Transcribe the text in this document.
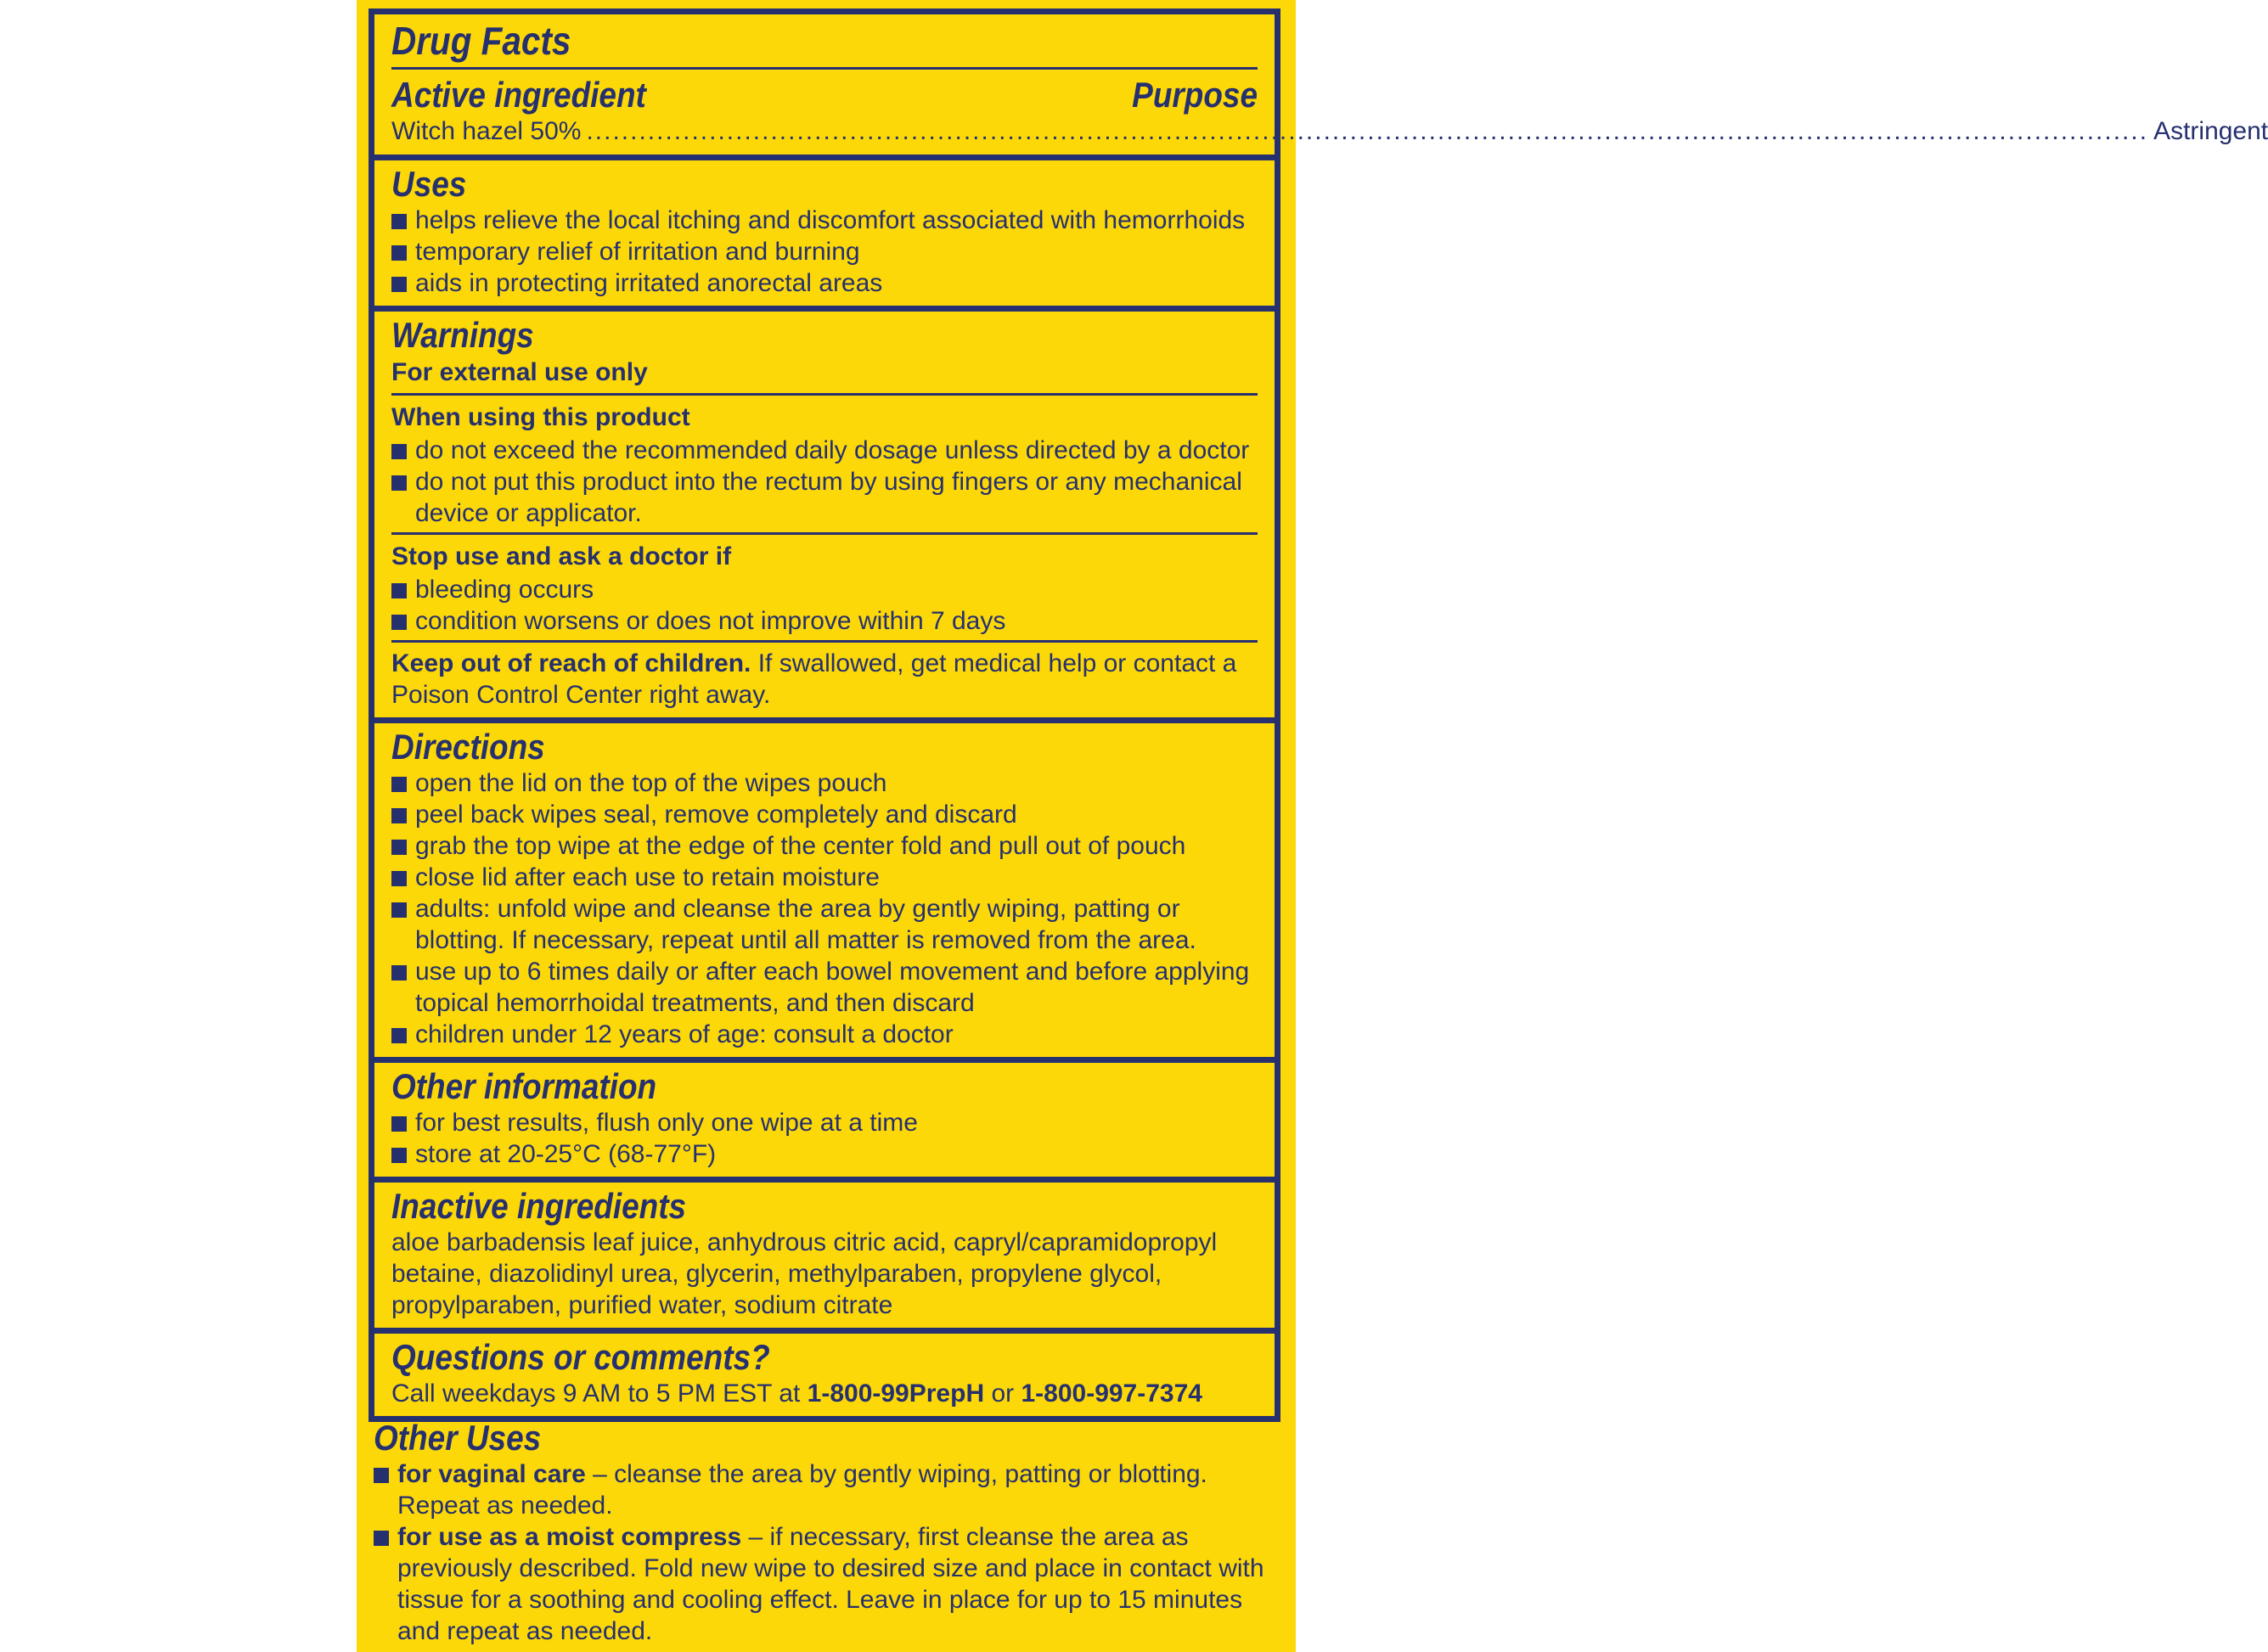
Drug Facts
Active ingredient	Purpose
Witch hazel 50% .................................................................................................................................................................................. Astringent
Uses
helps relieve the local itching and discomfort associated with hemorrhoids
temporary relief of irritation and burning
aids in protecting irritated anorectal areas
Warnings
For external use only
When using this product
do not exceed the recommended daily dosage unless directed by a doctor
do not put this product into the rectum by using fingers or any mechanical device or applicator.
Stop use and ask a doctor if
bleeding occurs
condition worsens or does not improve within 7 days
Keep out of reach of children. If swallowed, get medical help or contact a Poison Control Center right away.
Directions
open the lid on the top of the wipes pouch
peel back wipes seal, remove completely and discard
grab the top wipe at the edge of the center fold and pull out of pouch
close lid after each use to retain moisture
adults: unfold wipe and cleanse the area by gently wiping, patting or blotting. If necessary, repeat until all matter is removed from the area.
use up to 6 times daily or after each bowel movement and before applying topical hemorrhoidal treatments, and then discard
children under 12 years of age: consult a doctor
Other information
for best results, flush only one wipe at a time
store at 20-25°C (68-77°F)
Inactive ingredients
aloe barbadensis leaf juice, anhydrous citric acid, capryl/capramidopropyl betaine, diazolidinyl urea, glycerin, methylparaben, propylene glycol, propylparaben, purified water, sodium citrate
Questions or comments?
Call weekdays 9 AM to 5 PM EST at 1-800-99PrepH or 1-800-997-7374
Other Uses
for vaginal care – cleanse the area by gently wiping, patting or blotting. Repeat as needed.
for use as a moist compress – if necessary, first cleanse the area as previously described. Fold new wipe to desired size and place in contact with tissue for a soothing and cooling effect. Leave in place for up to 15 minutes and repeat as needed.
